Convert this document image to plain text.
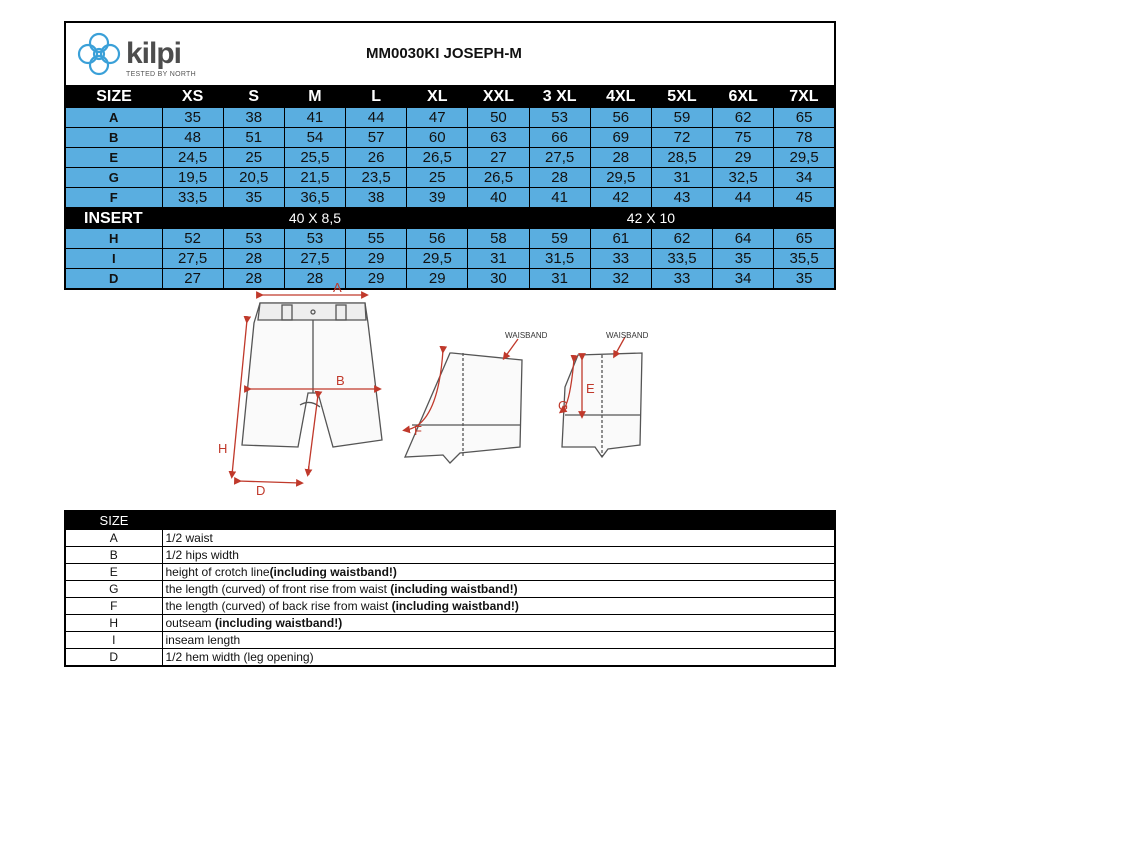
kilpi
TESTED BY NORTH
MM0030KI JOSEPH-M
SIZE	XS	S	M	L	XL	XXL	3 XL	4XL	5XL	6XL	7XL
A	35	38	41	44	47	50	53	56	59	62	65
B	48	51	54	57	60	63	66	69	72	75	78
E	24,5	25	25,5	26	26,5	27	27,5	28	28,5	29	29,5
G	19,5	20,5	21,5	23,5	25	26,5	28	29,5	31	32,5	34
F	33,5	35	36,5	38	39	40	41	42	43	44	45
INSERT	40 X 8,5					42 X 10					
H	52	53	53	55	56	58	59	61	62	64	65
I	27,5	28	27,5	29	29,5	31	31,5	33	33,5	35	35,5
D	27	28	28	29	29	30	31	32	33	34	35
A
B
H
I
D
F
WAISBAND
E
G
WAISBAND
SIZE	
A	1/2 waist
B	1/2 hips width
E	height of crotch line(including waistband!)
G	the length (curved) of front rise from waist (including waistband!)
F	the length (curved) of back rise from waist (including waistband!)
H	outseam (including waistband!)
I	inseam length
D	1/2 hem width (leg opening)
